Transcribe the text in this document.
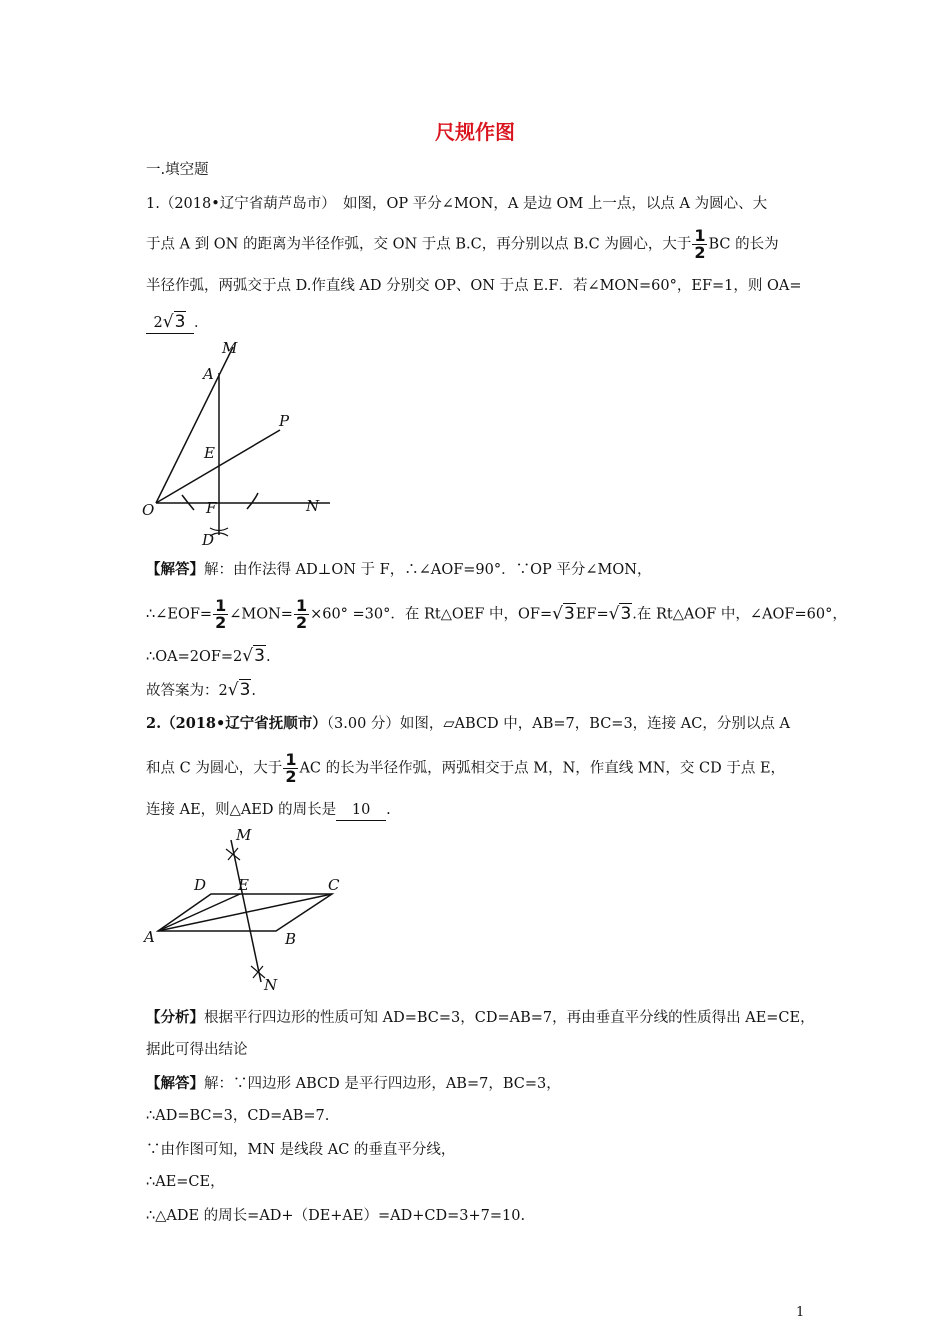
尺规作图
一.填空题
1.（2018•辽宁省葫芦岛市）　如图，OP 平分∠MON，A 是边 OM 上一点，以点 A 为圆心、大
于点 A 到 ON 的距离为半径作弧，交 ON 于点 B.C，再分别以点 B.C 为圆心，大于 $\frac{1}{2}$ BC 的长为
半径作弧，两弧交于点 D.作直线 AD 分别交 OP、ON 于点 E.F．若∠MON=60°，EF=1，则 OA=
2√3 ．
M
A
P
E
O	F	N
D
【解答】解：由作法得 AD⊥ON 于 F，∴∠AOF=90°．∵OP 平分∠MON，
∴∠EOF= $\frac{1}{2}$ ∠MON= $\frac{1}{2} \times 60^\circ =30^\circ$．在 Rt△OEF 中，OF=√3EF=√3.在 Rt△AOF 中，∠AOF=60°，
∴OA=2OF=2√3.
故答案为：2√3.
2.（2018•辽宁省抚顺市）（3.00 分）如图，▱ABCD 中，AB=7，BC=3，连接 AC，分别以点 A
和点 C 为圆心，大于 $\frac{1}{2}$ AC 的长为半径作弧，两弧相交于点 M，N，作直线 MN，交 CD 于点 E，
连接 AE，则△AED 的周长是 10 .
M
D E	C
A	B
N
【分析】根据平行四边形的性质可知 AD=BC=3，CD=AB=7，再由垂直平分线的性质得出 AE=CE，
据此可得出结论
【解答】解：∵四边形 ABCD 是平行四边形，AB=7，BC=3，
∴AD=BC=3，CD=AB=7.
∵由作图可知，MN 是线段 AC 的垂直平分线，
∴AE=CE，
∴△ADE 的周长=AD+（DE+AE）=AD+CD=3+7=10.
1
